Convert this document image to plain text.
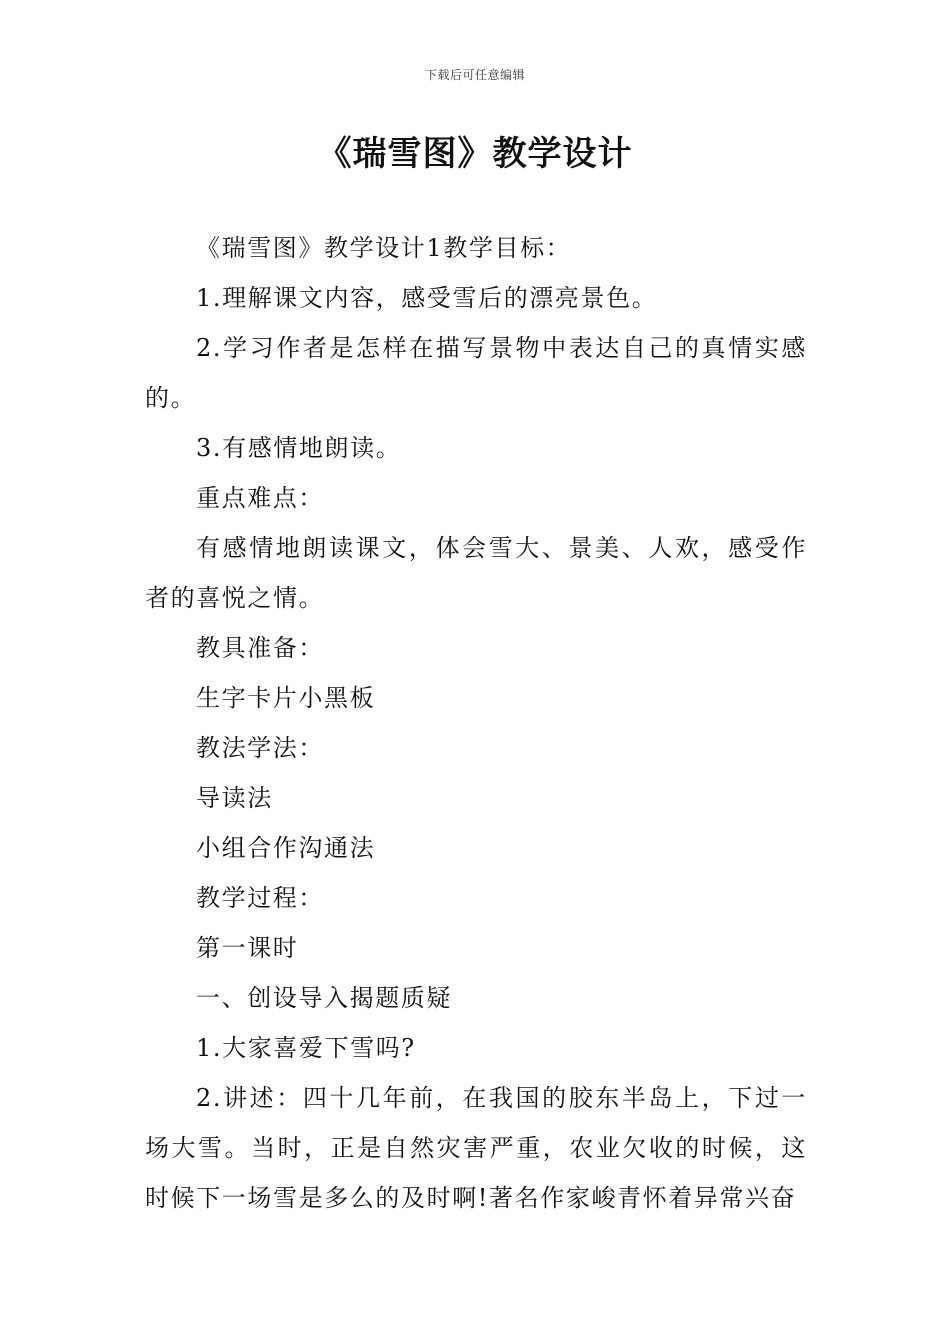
下载后可任意编辑
《瑞雪图》教学设计

《瑞雪图》教学设计1教学目标：

1.理解课文内容，感受雪后的漂亮景色。

2.学习作者是怎样在描写景物中表达自己的真情实感的。

3.有感情地朗读。

重点难点：

有感情地朗读课文，体会雪大、景美、人欢，感受作者的喜悦之情。

教具准备：

生字卡片小黑板

教法学法：

导读法

小组合作沟通法

教学过程：

第一课时

一、创设导入揭题质疑

1.大家喜爱下雪吗?

2.讲述：四十几年前，在我国的胶东半岛上，下过一场大雪。当时，正是自然灾害严重，农业欠收的时候，这时候下一场雪是多么的及时啊!著名作家峻青怀着异常兴奋
